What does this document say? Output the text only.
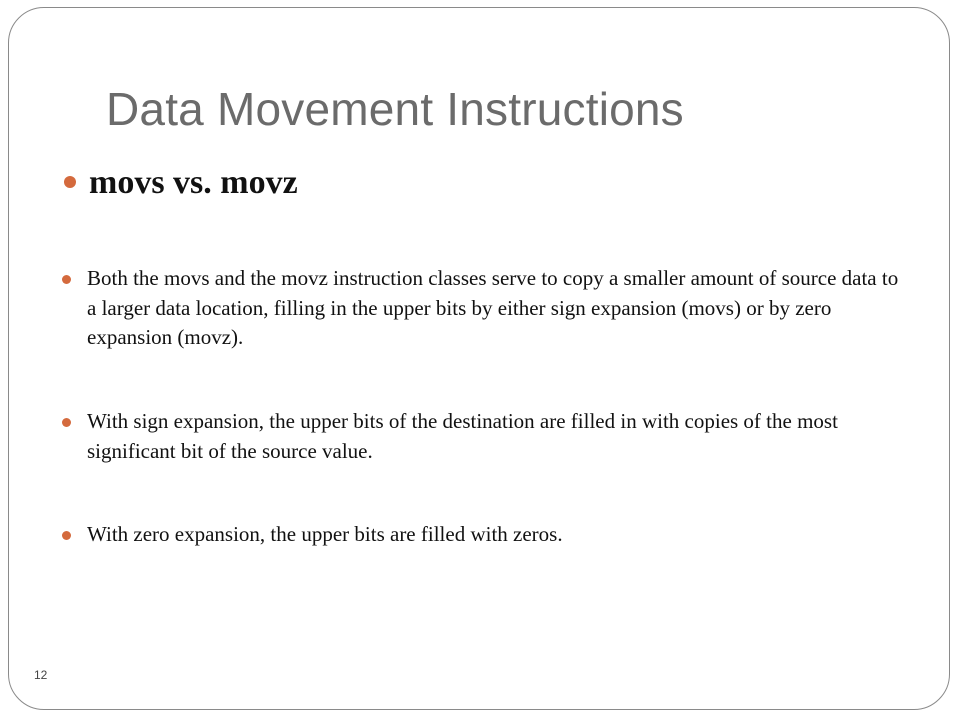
Data Movement Instructions
movs vs. movz
Both the movs and the movz instruction classes serve to copy a smaller amount of source data to a larger data location, filling in the upper bits by either sign expansion (movs) or by zero expansion (movz).
With sign expansion, the upper bits of the destination are filled in with copies of the most significant bit of the source value.
With zero expansion, the upper bits are filled with zeros.
12
